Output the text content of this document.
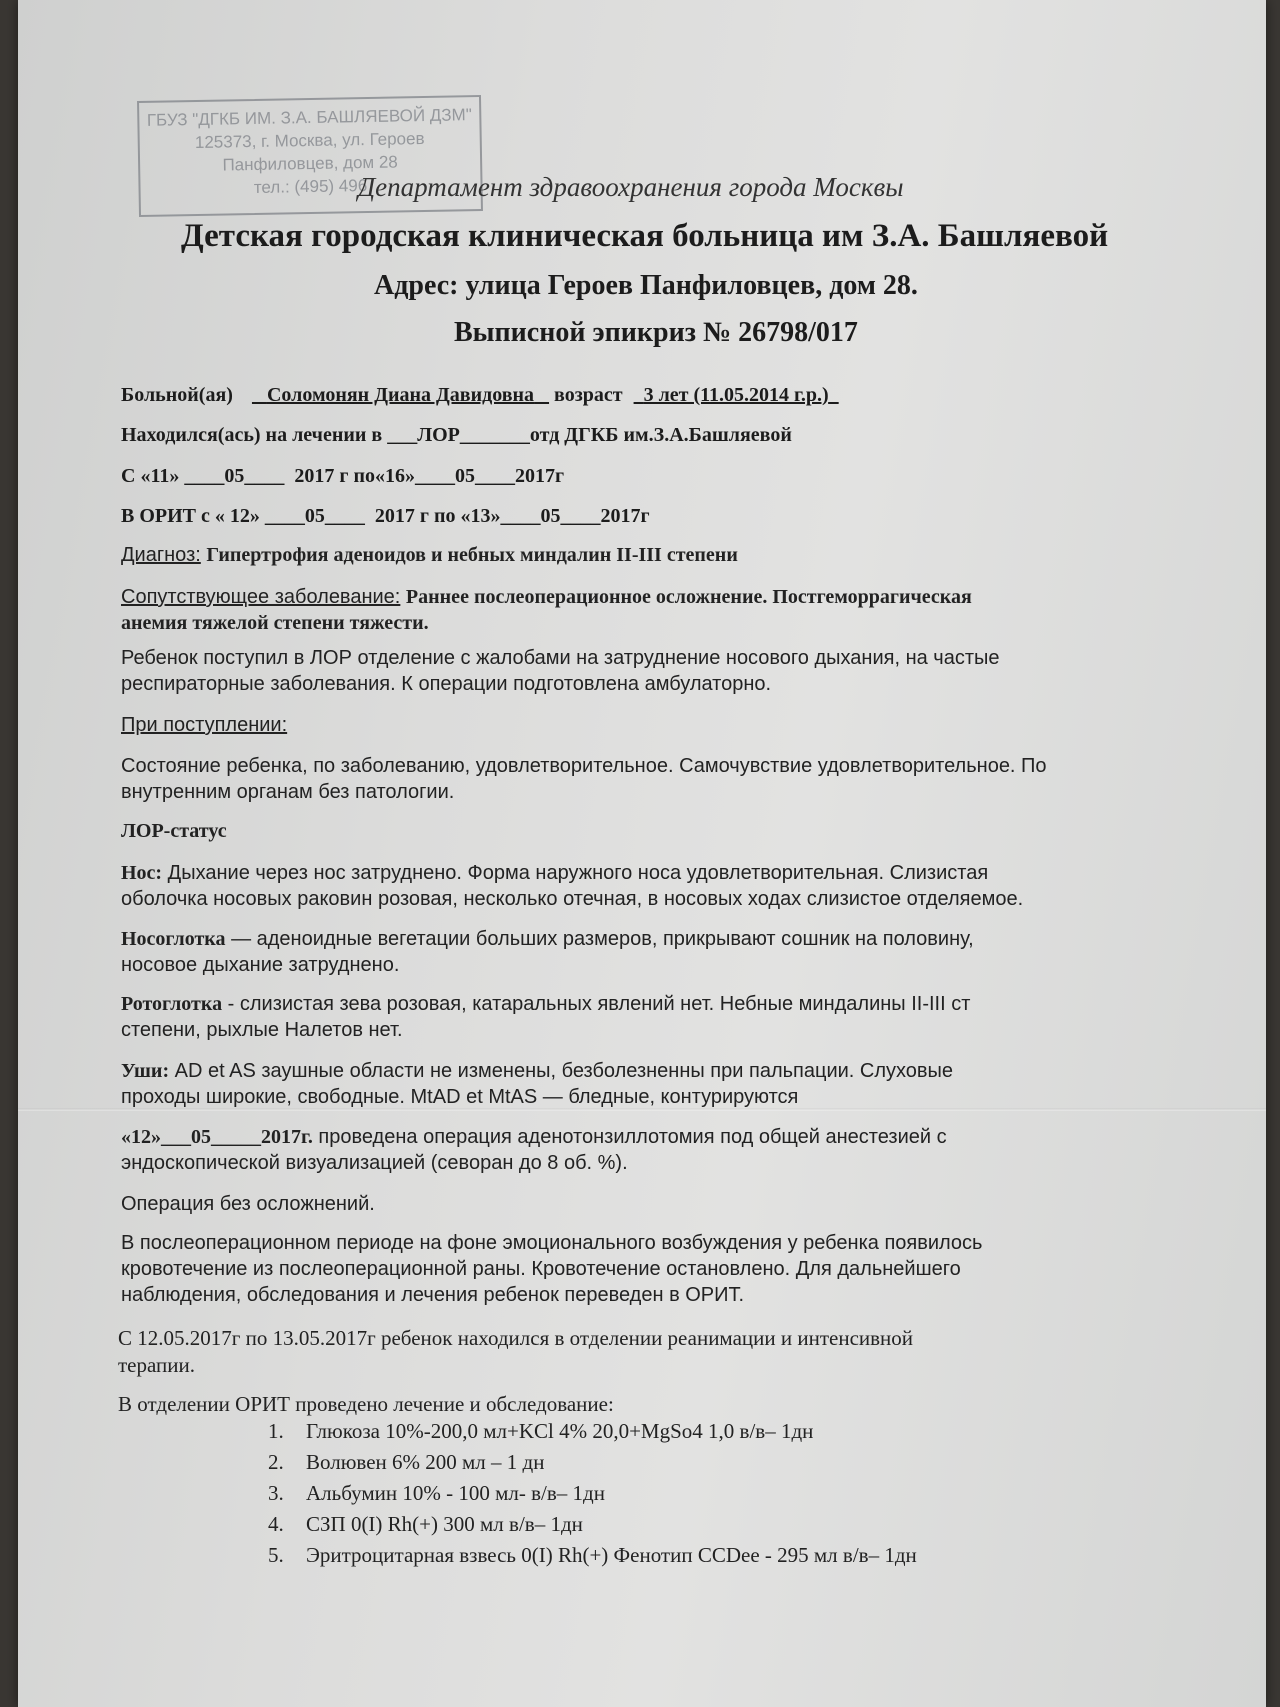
ГБУЗ "ДГКБ ИМ. З.А. БАШЛЯЕВОЙ ДЗМ"
125373, г. Москва, ул. Героев
Панфиловцев, дом 28
тел.: (495) 496
Департамент здравоохранения города Москвы
Детская городская клиническая больница им З.А. Башляевой
Адрес: улица Героев Панфиловцев, дом 28.
Выписной эпикриз № 26798/017
Больной(ая) Соломонян Диана Давидовна возраст 3 лет (11.05.2014 г.р.)
Находился(ась) на лечении в ___ЛОР_______отд ДГКБ им.З.А.Башляевой
С «11» ____05____  2017 г по«16»____05____2017г
В ОРИТ с « 12» ____05____  2017 г по «13»____05____2017г
Диагноз: Гипертрофия аденоидов и небных миндалин II-III степени
Сопутствующее заболевание: Раннее послеоперационное осложнение. Постгеморрагическая
анемия тяжелой степени тяжести.
Ребенок поступил в ЛОР отделение с жалобами на затруднение носового дыхания, на частые
респираторные заболевания. К операции подготовлена амбулаторно.
При поступлении:
Состояние ребенка, по заболеванию, удовлетворительное. Самочувствие удовлетворительное. По
внутренним органам без патологии.
ЛОР-статус
Нос: Дыхание через нос затруднено. Форма наружного носа удовлетворительная. Слизистая
оболочка носовых раковин розовая, несколько отечная, в носовых ходах слизистое отделяемое.
Носоглотка — аденоидные вегетации больших размеров, прикрывают сошник на половину,
носовое дыхание затруднено.
Ротоглотка - слизистая зева розовая, катаральных явлений нет. Небные миндалины II-III ст
степени, рыхлые Налетов нет.
Уши: AD et AS заушные области не изменены, безболезненны при пальпации. Слуховые
проходы широкие, свободные. MtAD et MtAS — бледные, контурируются
«12»___05_____2017г. проведена операция аденотонзиллотомия под общей анестезией с
эндоскопической визуализацией (севоран до 8 об. %).
Операция без осложнений.
В послеоперационном периоде на фоне эмоционального возбуждения у ребенка появилось
кровотечение из послеоперационной раны. Кровотечение остановлено. Для дальнейшего
наблюдения, обследования и лечения ребенок переведен в ОРИТ.
С 12.05.2017г по 13.05.2017г ребенок находился в отделении реанимации и интенсивной
терапии.
В отделении ОРИТ проведено лечение и обследование:
1. Глюкоза 10%-200,0 мл+KCl 4% 20,0+MgSo4 1,0 в/в– 1дн
2. Волювен 6% 200 мл – 1 дн
3. Альбумин 10% - 100 мл- в/в– 1дн
4. СЗП 0(I) Rh(+) 300 мл в/в– 1дн
5. Эритроцитарная взвесь 0(I) Rh(+) Фенотип CCDee - 295 мл в/в– 1дн
